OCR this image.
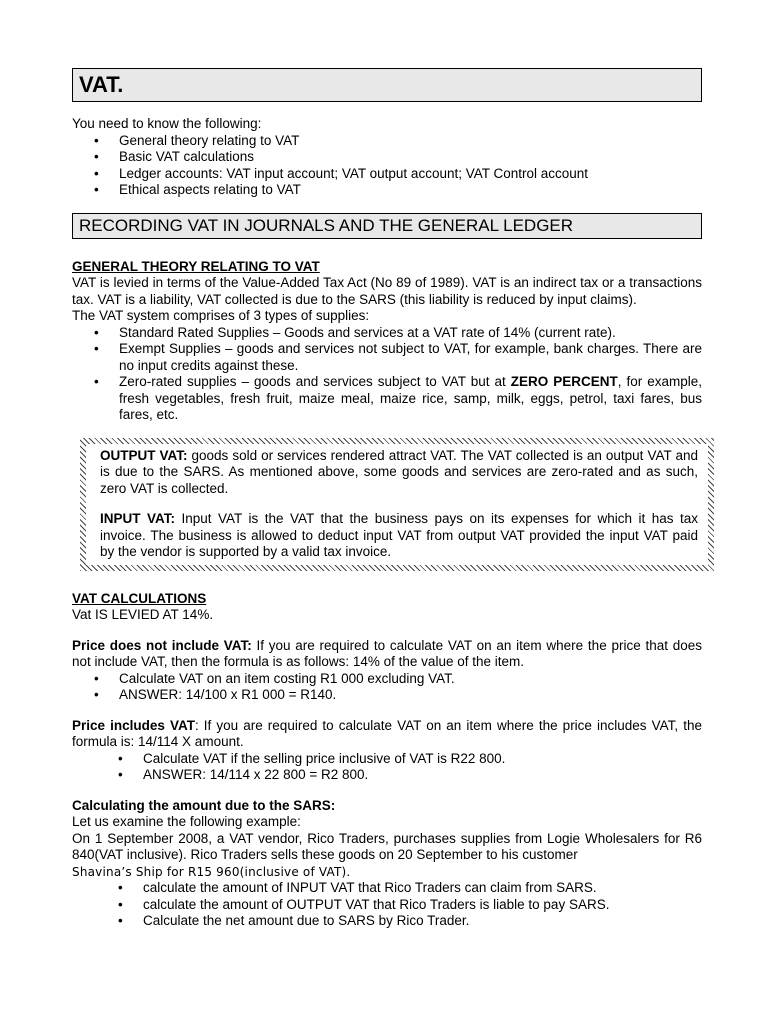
VAT.

You need to know the following:

• General theory relating to VAT
• Basic VAT calculations
• Ledger accounts: VAT input account; VAT output account; VAT Control account
• Ethical aspects relating to VAT
RECORDING VAT IN JOURNALS AND THE GENERAL LEDGER
GENERAL THEORY RELATING TO VAT

VAT is levied in terms of the Value-Added Tax Act (No 89 of 1989). VAT is an indirect tax or a transactions tax. VAT is a liability, VAT collected is due to the SARS (this liability is reduced by input claims).

The VAT system comprises of 3 types of supplies:

• Standard Rated Supplies – Goods and services at a VAT rate of 14% (current rate).
• Exempt Supplies – goods and services not subject to VAT, for example, bank charges. There are no input credits against these.
• Zero-rated supplies – goods and services subject to VAT but at ZERO PERCENT, for example, fresh vegetables, fresh fruit, maize meal, maize rice, samp, milk, eggs, petrol, taxi fares, bus fares, etc.

OUTPUT VAT: goods sold or services rendered attract VAT. The VAT collected is an output VAT and is due to the SARS. As mentioned above, some goods and services are zero-rated and as such, zero VAT is collected.

INPUT VAT: Input VAT is the VAT that the business pays on its expenses for which it has tax invoice. The business is allowed to deduct input VAT from output VAT provided the input VAT paid by the vendor is supported by a valid tax invoice.

VAT CALCULATIONS

Vat IS LEVIED AT 14%.

Price does not include VAT: If you are required to calculate VAT on an item where the price that does not include VAT, then the formula is as follows: 14% of the value of the item.

• Calculate VAT on an item costing R1 000 excluding VAT.
• ANSWER: 14/100 x R1 000 = R140.

Price includes VAT: If you are required to calculate VAT on an item where the price includes VAT, the formula is: 14/114 X amount.

• Calculate VAT if the selling price inclusive of VAT is R22 800.
• ANSWER: 14/114 x 22 800 = R2 800.
Calculating the amount due to the SARS:

Let us examine the following example:

On 1 September 2008, a VAT vendor, Rico Traders, purchases supplies from Logie Wholesalers for R6 840(VAT inclusive). Rico Traders sells these goods on 20 September to his customer

Shavina’s Ship for R15 960(inclusive of VAT).

• calculate the amount of INPUT VAT that Rico Traders can claim from SARS.
• calculate the amount of OUTPUT VAT that Rico Traders is liable to pay SARS.
• Calculate the net amount due to SARS by Rico Trader.
